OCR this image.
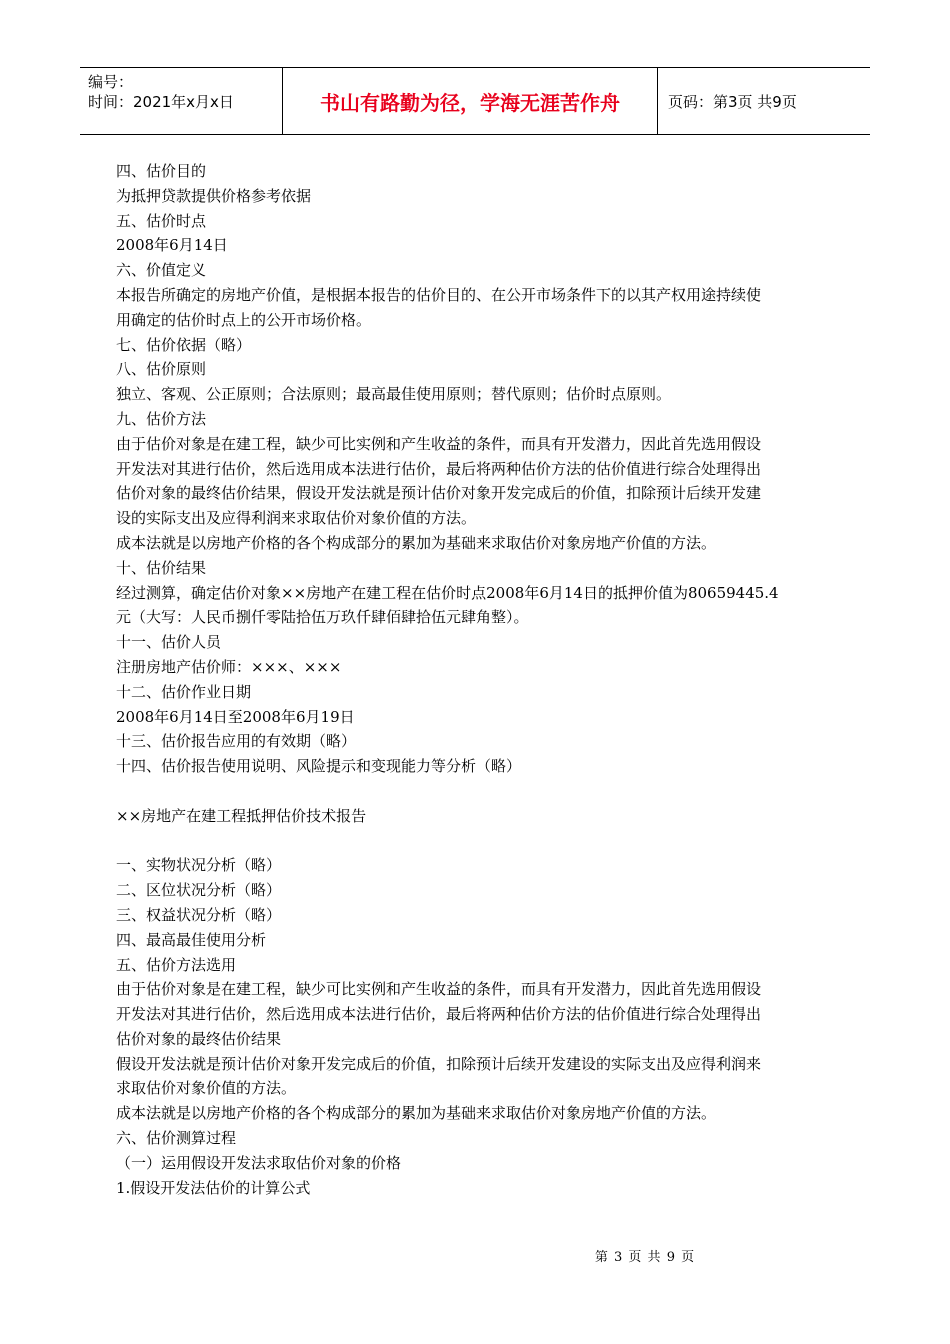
编号：
时间：2021年x月x日	书山有路勤为径，学海无涯苦作舟	页码：第3页 共9页

四、估价目的

为抵押贷款提供价格参考依据

五、估价时点

2008年6月14日

六、价值定义

本报告所确定的房地产价值，是根据本报告的估价目的、在公开市场条件下的以其产权用途持续使

用确定的估价时点上的公开市场价格。

七、估价依据（略）

八、估价原则

独立、客观、公正原则；合法原则；最高最佳使用原则；替代原则；估价时点原则。

九、估价方法

由于估价对象是在建工程，缺少可比实例和产生收益的条件，而具有开发潜力，因此首先选用假设

开发法对其进行估价，然后选用成本法进行估价，最后将两种估价方法的估价值进行综合处理得出

估价对象的最终估价结果，假设开发法就是预计估价对象开发完成后的价值，扣除预计后续开发建

设的实际支出及应得利润来求取估价对象价值的方法。

成本法就是以房地产价格的各个构成部分的累加为基础来求取估价对象房地产价值的方法。

十、估价结果

经过测算，确定估价对象××房地产在建工程在估价时点2008年6月14日的抵押价值为80659445.4

元（大写：人民币捌仟零陆拾伍万玖仟肆佰肆拾伍元肆角整）。

十一、估价人员

注册房地产估价师：×××、×××

十二、估价作业日期

2008年6月14日至2008年6月19日

十三、估价报告应用的有效期（略）

十四、估价报告使用说明、风险提示和变现能力等分析（略）

××房地产在建工程抵押估价技术报告

一、实物状况分析（略）

二、区位状况分析（略）

三、权益状况分析（略）

四、最高最佳使用分析

五、估价方法选用

由于估价对象是在建工程，缺少可比实例和产生收益的条件，而具有开发潜力，因此首先选用假设

开发法对其进行估价，然后选用成本法进行估价，最后将两种估价方法的估价值进行综合处理得出

估价对象的最终估价结果

假设开发法就是预计估价对象开发完成后的价值，扣除预计后续开发建设的实际支出及应得利润来

求取估价对象价值的方法。

成本法就是以房地产价格的各个构成部分的累加为基础来求取估价对象房地产价值的方法。

六、估价测算过程

（一）运用假设开发法求取估价对象的价格

1.假设开发法估价的计算公式

第 3 页 共 9 页
